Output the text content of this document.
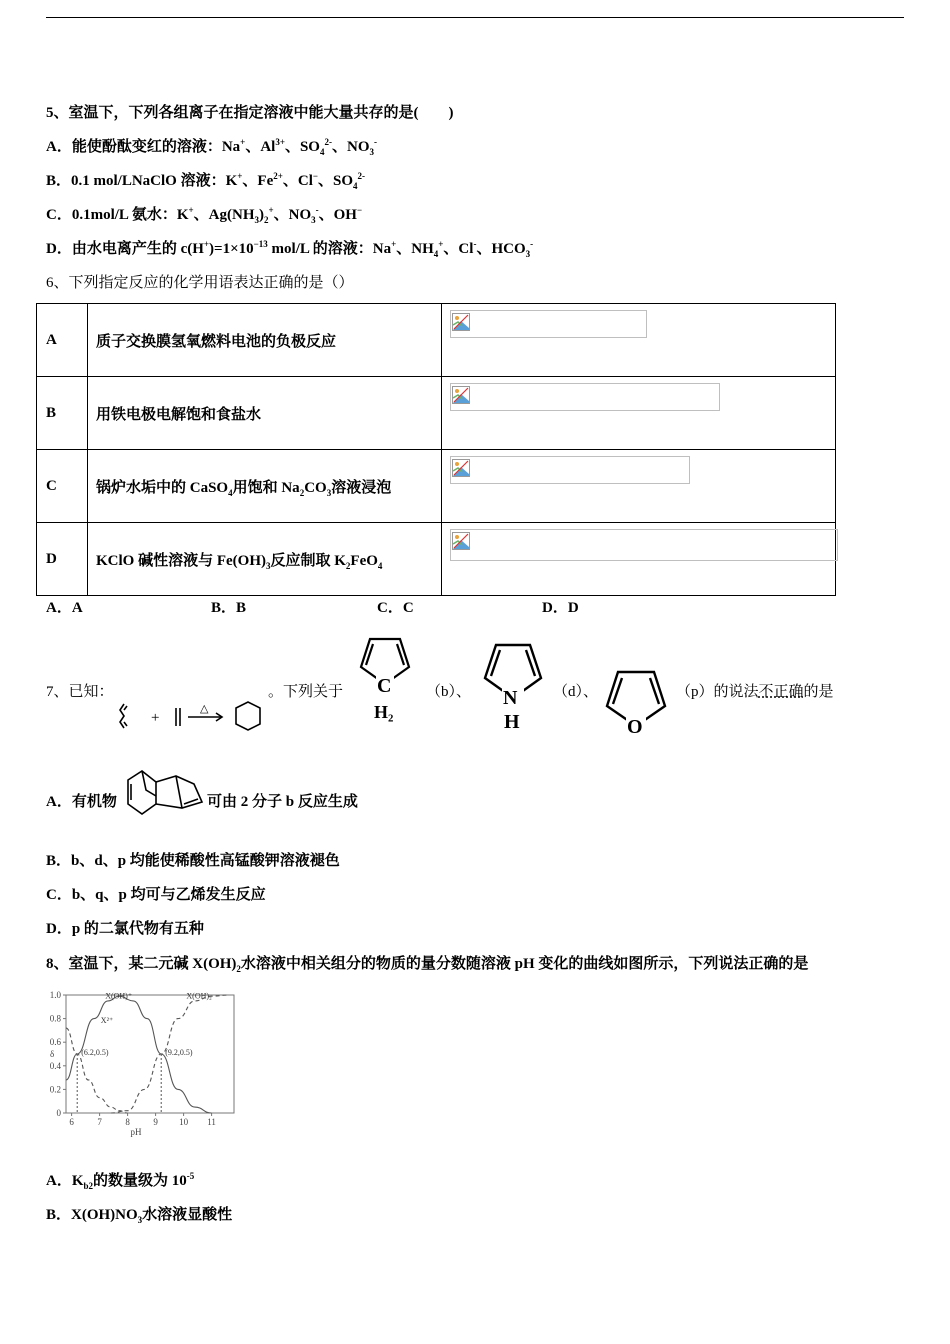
5、室温下，下列各组离子在指定溶液中能大量共存的是(　　)
A．能使酚酞变红的溶液：Na+、$Al^{3+}$、$SO_4^{2-}$、$NO_3^-$
B．0.1 mol/LNaClO 溶液：K+、$Fe^{2+}$、Cl−、$SO_4^{2-}$
C．0.1mol/L 氨水：K+、$Ag(NH_3)_2^+$、$NO_3^-$、OH−
D．由水电离产生的 $c(H^+)=1\times 10^{-13}$ mol/L 的溶液：Na+、$NH_4^+$、Cl-、$HCO_3^-$
6、下列指定反应的化学用语表达正确的是（）
A	质子交换膜氢氧燃料电池的负极反应	

B	用铁电极电解饱和食盐水	

C	锅炉水垢中的 CaSO$_4$用饱和 $Na_2CO_3$溶液浸泡	

D	KClO 碱性溶液与 $Fe(OH)_3$反应制取 $K_2FeO_4$	
A．A	B．B	C．C	D．D
7、已知：
+
△
。下列关于 C
H₂
（b）、 N
H
（d）、
O
（p）的说法不正确的是
A．有机物	可由 2 分子 b 反应生成
B．b、d、p 均能使稀酸性高锰酸钾溶液褪色
C．b、q、p 均可与乙烯发生反应
D．p 的二氯代物有五种
8、室温下，某二元碱 $X(OH)_2$水溶液中相关组分的物质的量分数随溶液 pH 变化的曲线如图所示，下列说法正确的是
0
0.2
0.4
0.6
0.8
1.0
6	7	8	9 10 11
pH
δ
X²⁺
X(OH)⁺	X(OH)₂
(6.2,0.5)	(9.2,0.5)
A．$K_{b2}$的数量级为 $10^{-5}$
B．$X(OH)NO_3$水溶液显酸性
